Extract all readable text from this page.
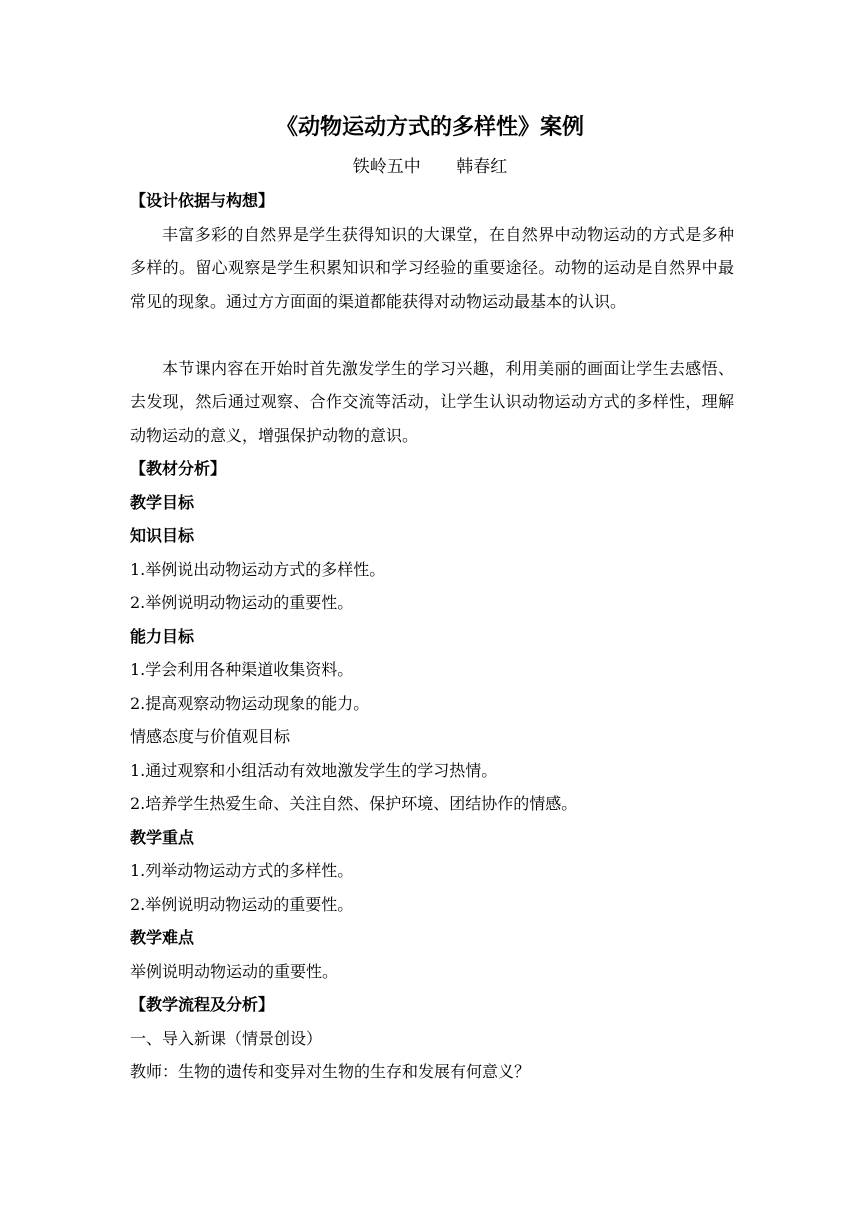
《动物运动方式的多样性》案例
铁岭五中 韩春红
【设计依据与构想】

丰富多彩的自然界是学生获得知识的大课堂，在自然界中动物运动的方式是多种多样的。留心观察是学生积累知识和学习经验的重要途径。动物的运动是自然界中最常见的现象。通过方方面面的渠道都能获得对动物运动最基本的认识。

本节课内容在开始时首先激发学生的学习兴趣，利用美丽的画面让学生去感悟、去发现，然后通过观察、合作交流等活动，让学生认识动物运动方式的多样性，理解动物运动的意义，增强保护动物的意识。

【教材分析】
教学目标
知识目标
1.举例说出动物运动方式的多样性。
2.举例说明动物运动的重要性。
能力目标
1.学会利用各种渠道收集资料。
2.提高观察动物运动现象的能力。
情感态度与价值观目标
1.通过观察和小组活动有效地激发学生的学习热情。
2.培养学生热爱生命、关注自然、保护环境、团结协作的情感。
教学重点
1.列举动物运动方式的多样性。
2.举例说明动物运动的重要性。
教学难点
举例说明动物运动的重要性。
【教学流程及分析】
一、导入新课（情景创设）
教师：生物的遗传和变异对生物的生存和发展有何意义？
